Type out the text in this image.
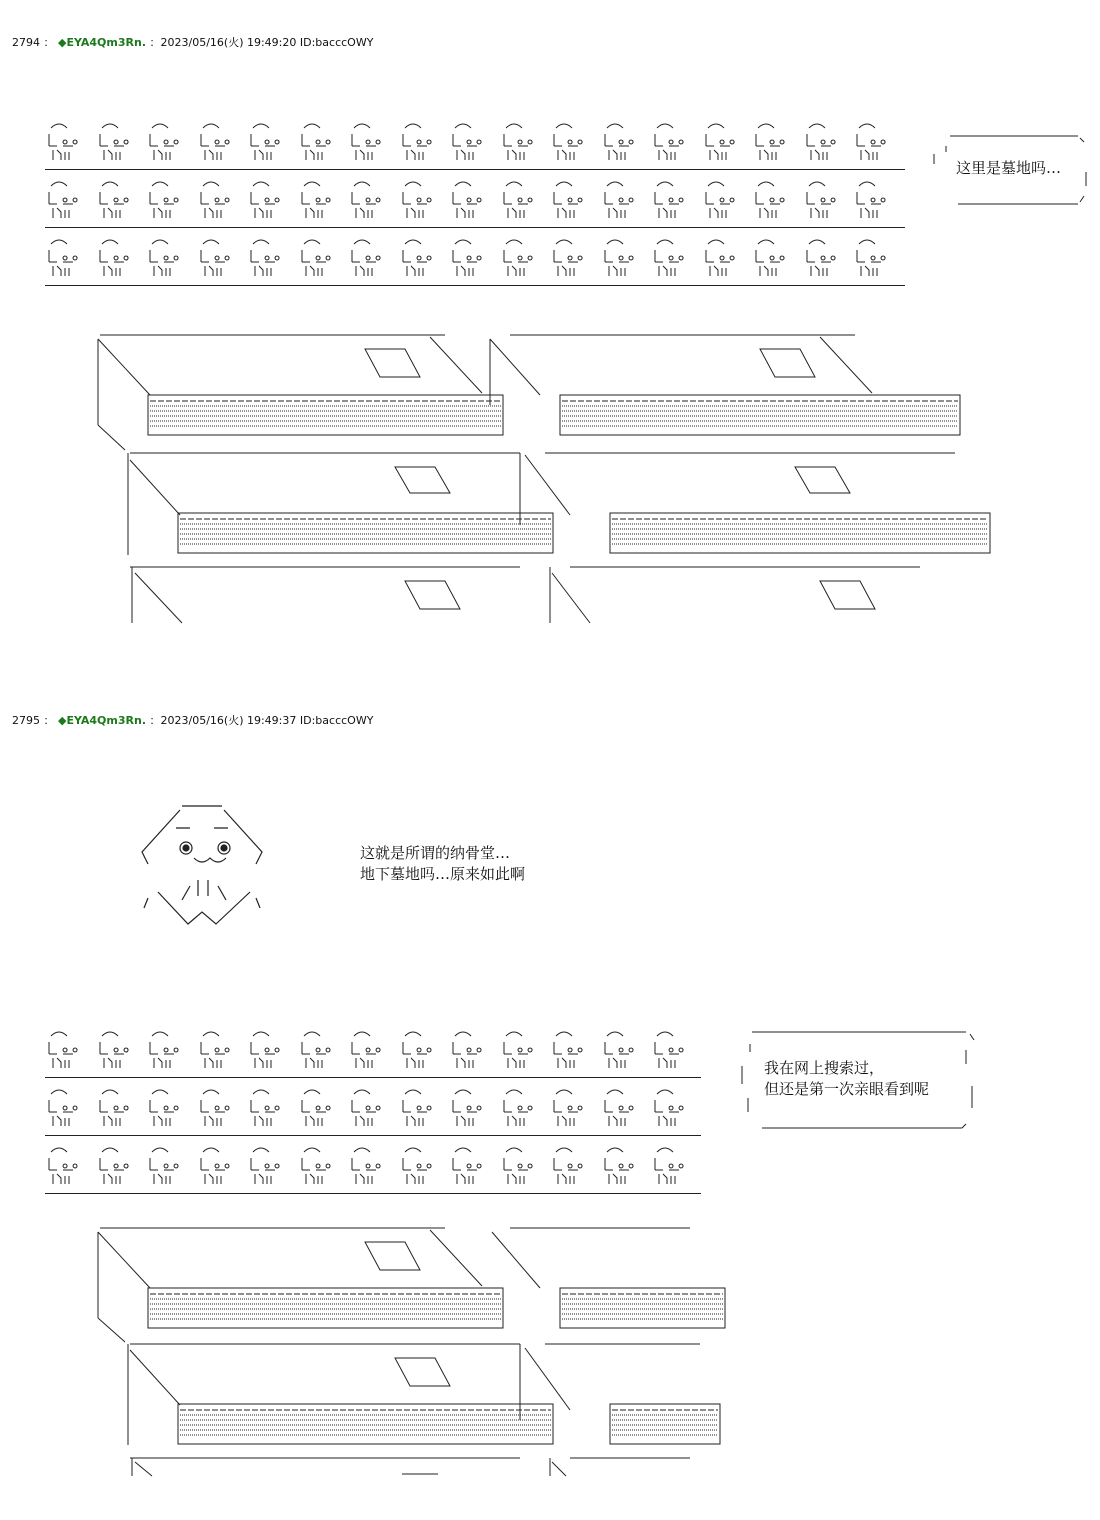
2794 ： ◆EYA4Qm3Rn. ：2023/05/16(火) 19:49:20 ID:bacccOWY
这里是墓地吗…
2795 ： ◆EYA4Qm3Rn. ：2023/05/16(火) 19:49:37 ID:bacccOWY
这就是所谓的纳骨堂…
地下墓地吗…原来如此啊
我在网上搜索过，
但还是第一次亲眼看到呢
